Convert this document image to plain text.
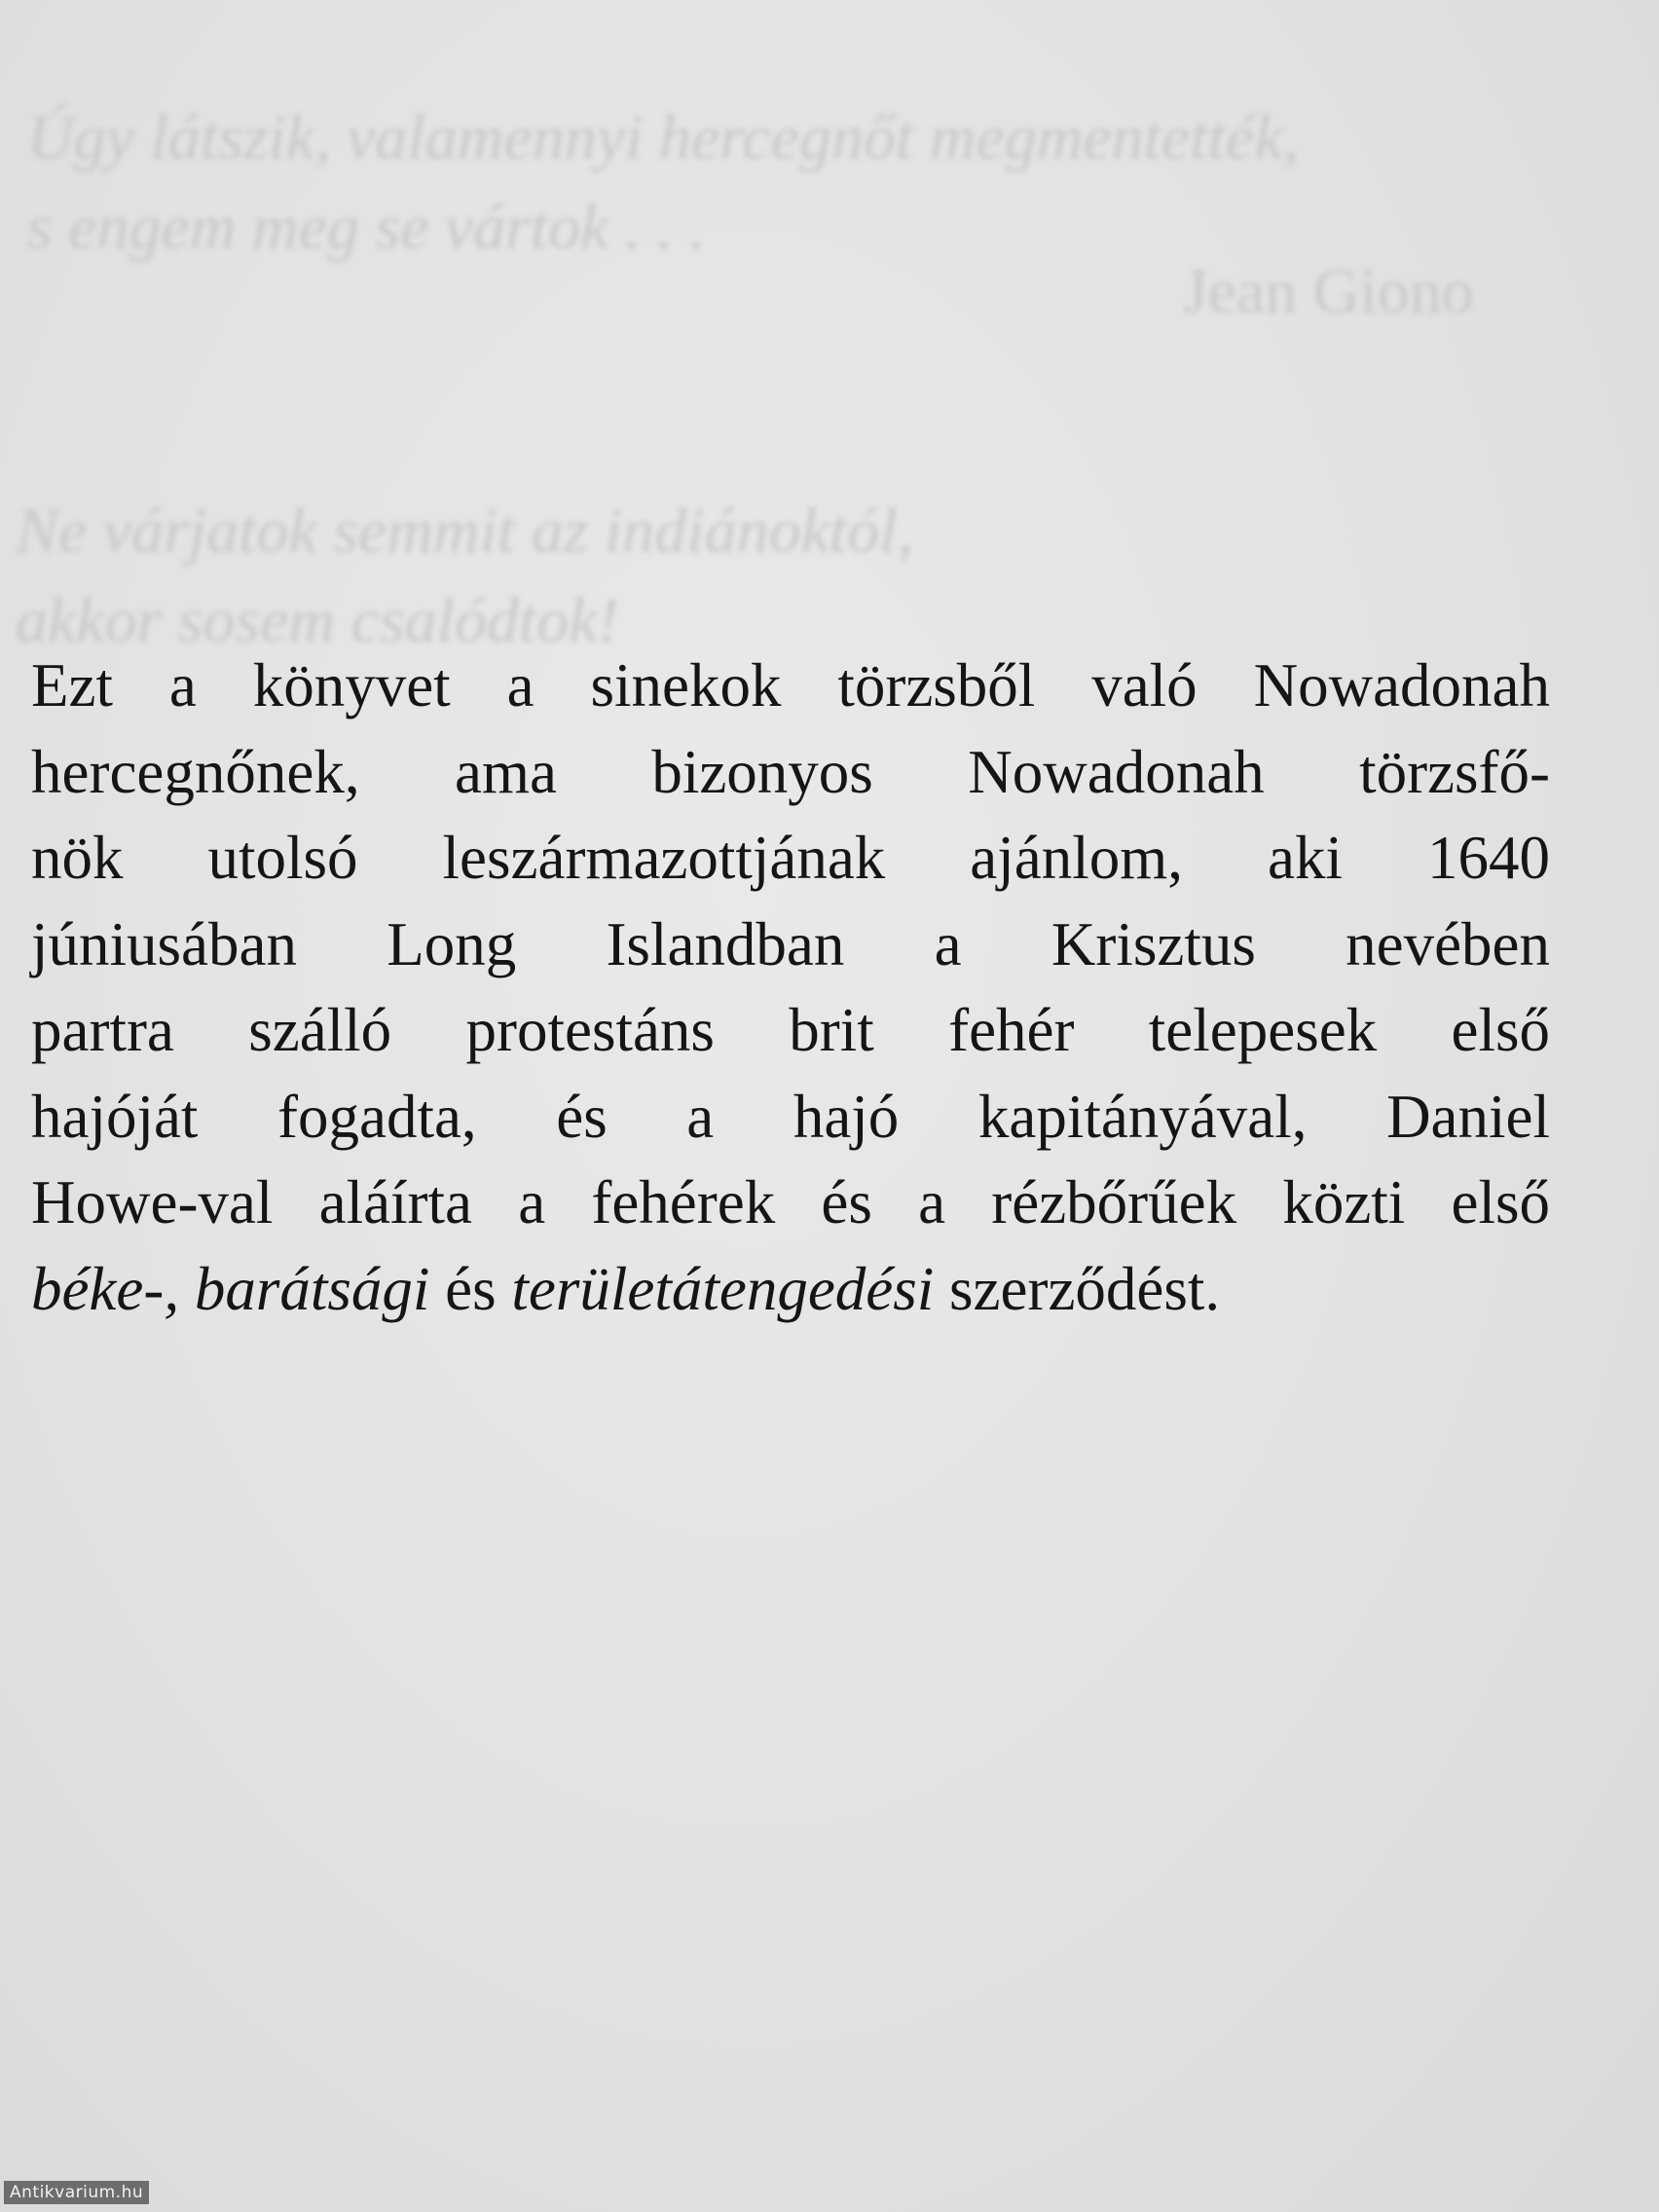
Úgy látszik, valamennyi hercegnőt megmentették,
s engem meg se vártok . . .
Jean Giono
Ne várjatok semmit az indiánoktól,
akkor sosem csalódtok!
Ezt a könyvet a sinekok törzsből való Nowadonah
hercegnőnek, ama bizonyos Nowadonah törzsfő-
nök utolsó leszármazottjának ajánlom, aki 1640
júniusában Long Islandban a Krisztus nevében
partra szálló protestáns brit fehér telepesek első
hajóját fogadta, és a hajó kapitányával, Daniel
Howe-val aláírta a fehérek és a rézbőrűek közti első
béke-, barátsági és területátengedési szerződést.
Antikvarium.hu
